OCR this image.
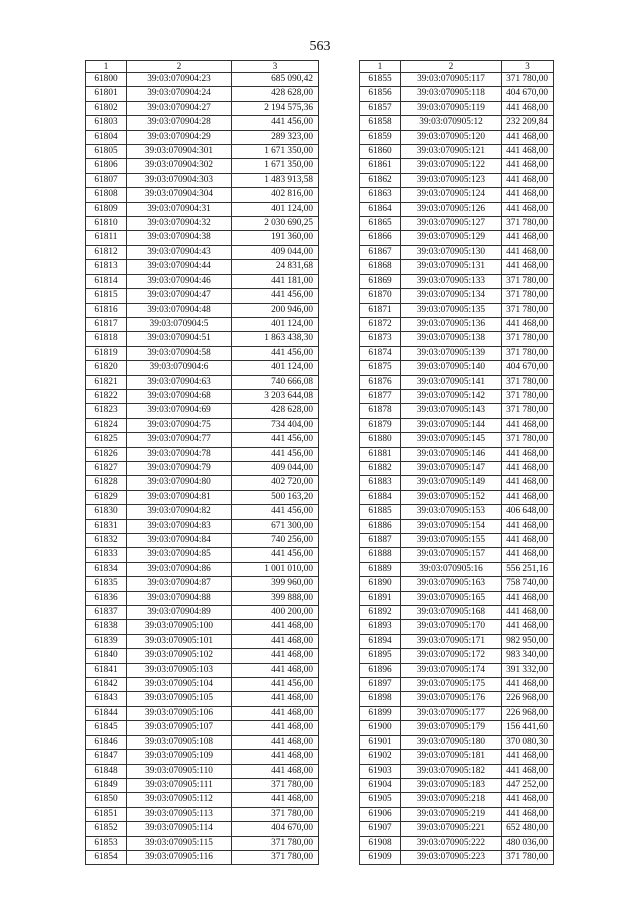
563
1	2	3
61800	39:03:070904:23	685 090,42
61801	39:03:070904:24	428 628,00
61802	39:03:070904:27	2 194 575,36
61803	39:03:070904:28	441 456,00
61804	39:03:070904:29	289 323,00
61805	39:03:070904:301	1 671 350,00
61806	39:03:070904:302	1 671 350,00
61807	39:03:070904:303	1 483 913,58
61808	39:03:070904:304	402 816,00
61809	39:03:070904:31	401 124,00
61810	39:03:070904:32	2 030 690,25
61811	39:03:070904:38	191 360,00
61812	39:03:070904:43	409 044,00
61813	39:03:070904:44	24 831,68
61814	39:03:070904:46	441 181,00
61815	39:03:070904:47	441 456,00
61816	39:03:070904:48	200 946,00
61817	39:03:070904:5	401 124,00
61818	39:03:070904:51	1 863 438,30
61819	39:03:070904:58	441 456,00
61820	39:03:070904:6	401 124,00
61821	39:03:070904:63	740 666,08
61822	39:03:070904:68	3 203 644,08
61823	39:03:070904:69	428 628,00
61824	39:03:070904:75	734 404,00
61825	39:03:070904:77	441 456,00
61826	39:03:070904:78	441 456,00
61827	39:03:070904:79	409 044,00
61828	39:03:070904:80	402 720,00
61829	39:03:070904:81	500 163,20
61830	39:03:070904:82	441 456,00
61831	39:03:070904:83	671 300,00
61832	39:03:070904:84	740 256,00
61833	39:03:070904:85	441 456,00
61834	39:03:070904:86	1 001 010,00
61835	39:03:070904:87	399 960,00
61836	39:03:070904:88	399 888,00
61837	39:03:070904:89	400 200,00
61838	39:03:070905:100	441 468,00
61839	39:03:070905:101	441 468,00
61840	39:03:070905:102	441 468,00
61841	39:03:070905:103	441 468,00
61842	39:03:070905:104	441 456,00
61843	39:03:070905:105	441 468,00
61844	39:03:070905:106	441 468,00
61845	39:03:070905:107	441 468,00
61846	39:03:070905:108	441 468,00
61847	39:03:070905:109	441 468,00
61848	39:03:070905:110	441 468,00
61849	39:03:070905:111	371 780,00
61850	39:03:070905:112	441 468,00
61851	39:03:070905:113	371 780,00
61852	39:03:070905:114	404 670,00
61853	39:03:070905:115	371 780,00
61854	39:03:070905:116	371 780,00
1	2	3
61855	39:03:070905:117	371 780,00
61856	39:03:070905:118	404 670,00
61857	39:03:070905:119	441 468,00
61858	39:03:070905:12	232 209,84
61859	39:03:070905:120	441 468,00
61860	39:03:070905:121	441 468,00
61861	39:03:070905:122	441 468,00
61862	39:03:070905:123	441 468,00
61863	39:03:070905:124	441 468,00
61864	39:03:070905:126	441 468,00
61865	39:03:070905:127	371 780,00
61866	39:03:070905:129	441 468,00
61867	39:03:070905:130	441 468,00
61868	39:03:070905:131	441 468,00
61869	39:03:070905:133	371 780,00
61870	39:03:070905:134	371 780,00
61871	39:03:070905:135	371 780,00
61872	39:03:070905:136	441 468,00
61873	39:03:070905:138	371 780,00
61874	39:03:070905:139	371 780,00
61875	39:03:070905:140	404 670,00
61876	39:03:070905:141	371 780,00
61877	39:03:070905:142	371 780,00
61878	39:03:070905:143	371 780,00
61879	39:03:070905:144	441 468,00
61880	39:03:070905:145	371 780,00
61881	39:03:070905:146	441 468,00
61882	39:03:070905:147	441 468,00
61883	39:03:070905:149	441 468,00
61884	39:03:070905:152	441 468,00
61885	39:03:070905:153	406 648,00
61886	39:03:070905:154	441 468,00
61887	39:03:070905:155	441 468,00
61888	39:03:070905:157	441 468,00
61889	39:03:070905:16	556 251,16
61890	39:03:070905:163	758 740,00
61891	39:03:070905:165	441 468,00
61892	39:03:070905:168	441 468,00
61893	39:03:070905:170	441 468,00
61894	39:03:070905:171	982 950,00
61895	39:03:070905:172	983 340,00
61896	39:03:070905:174	391 332,00
61897	39:03:070905:175	441 468,00
61898	39:03:070905:176	226 968,00
61899	39:03:070905:177	226 968,00
61900	39:03:070905:179	156 441,60
61901	39:03:070905:180	370 080,30
61902	39:03:070905:181	441 468,00
61903	39:03:070905:182	441 468,00
61904	39:03:070905:183	447 252,00
61905	39:03:070905:218	441 468,00
61906	39:03:070905:219	441 468,00
61907	39:03:070905:221	652 480,00
61908	39:03:070905:222	480 036,00
61909	39:03:070905:223	371 780,00
